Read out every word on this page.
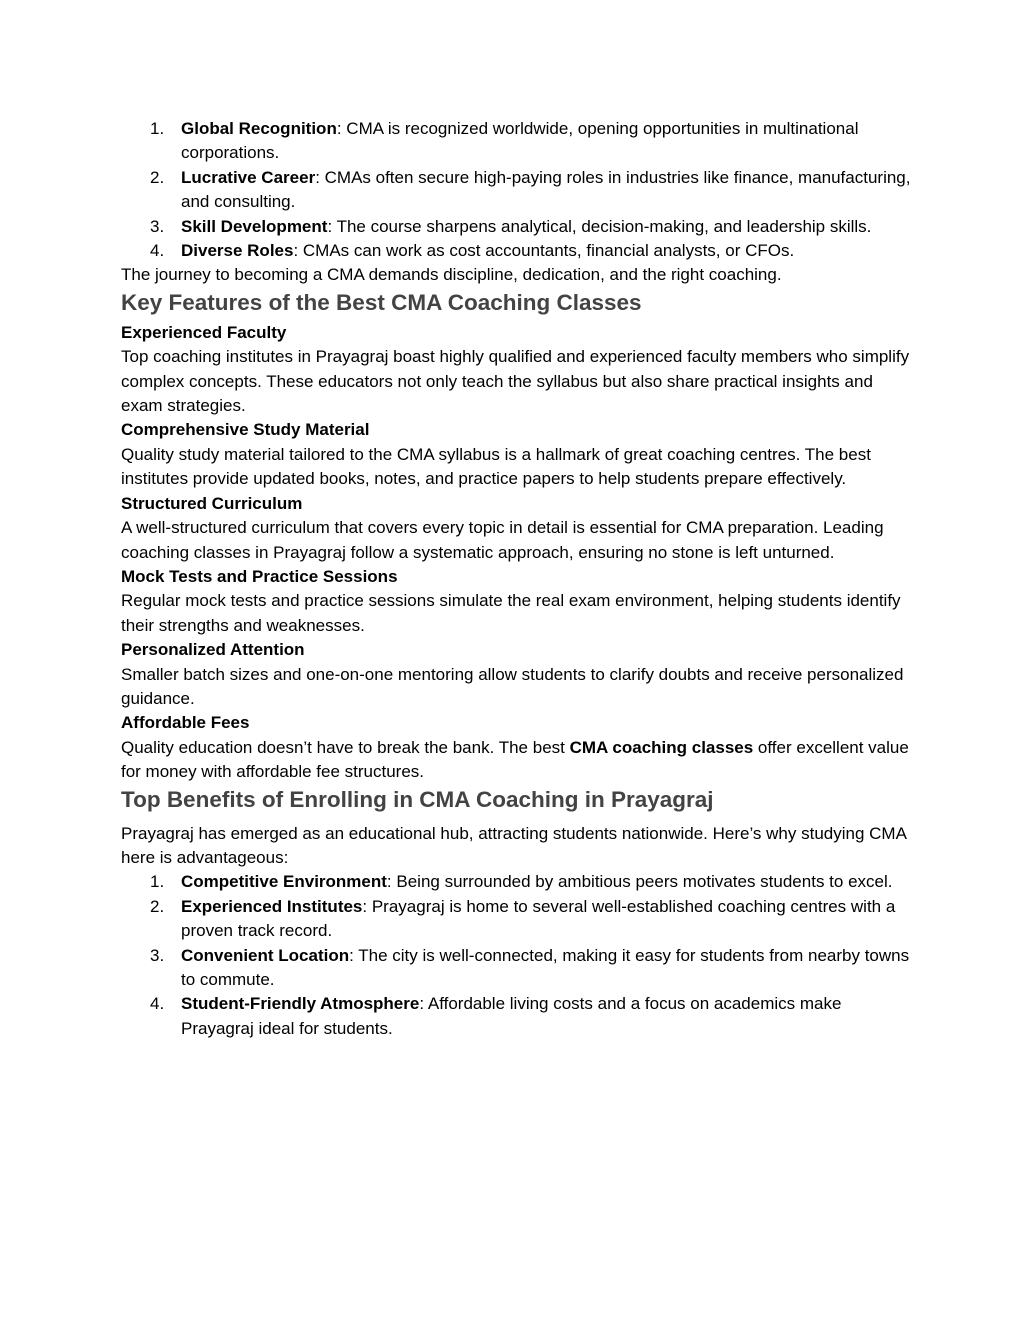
1. Global Recognition: CMA is recognized worldwide, opening opportunities in multinational corporations.
2. Lucrative Career: CMAs often secure high-paying roles in industries like finance, manufacturing, and consulting.
3. Skill Development: The course sharpens analytical, decision-making, and leadership skills.
4. Diverse Roles: CMAs can work as cost accountants, financial analysts, or CFOs.

The journey to becoming a CMA demands discipline, dedication, and the right coaching.

Key Features of the Best CMA Coaching Classes
Experienced Faculty

Top coaching institutes in Prayagraj boast highly qualified and experienced faculty members who simplify complex concepts. These educators not only teach the syllabus but also share practical insights and exam strategies.

Comprehensive Study Material

Quality study material tailored to the CMA syllabus is a hallmark of great coaching centres. The best institutes provide updated books, notes, and practice papers to help students prepare effectively.

Structured Curriculum

A well-structured curriculum that covers every topic in detail is essential for CMA preparation. Leading coaching classes in Prayagraj follow a systematic approach, ensuring no stone is left unturned.

Mock Tests and Practice Sessions

Regular mock tests and practice sessions simulate the real exam environment, helping students identify their strengths and weaknesses.

Personalized Attention

Smaller batch sizes and one-on-one mentoring allow students to clarify doubts and receive personalized guidance.

Affordable Fees

Quality education doesn’t have to break the bank. The best CMA coaching classes offer excellent value for money with affordable fee structures.

Top Benefits of Enrolling in CMA Coaching in Prayagraj

Prayagraj has emerged as an educational hub, attracting students nationwide. Here’s why studying CMA here is advantageous:

1. Competitive Environment: Being surrounded by ambitious peers motivates students to excel.
2. Experienced Institutes: Prayagraj is home to several well-established coaching centres with a proven track record.
3. Convenient Location: The city is well-connected, making it easy for students from nearby towns to commute.
4. Student-Friendly Atmosphere: Affordable living costs and a focus on academics make Prayagraj ideal for students.
